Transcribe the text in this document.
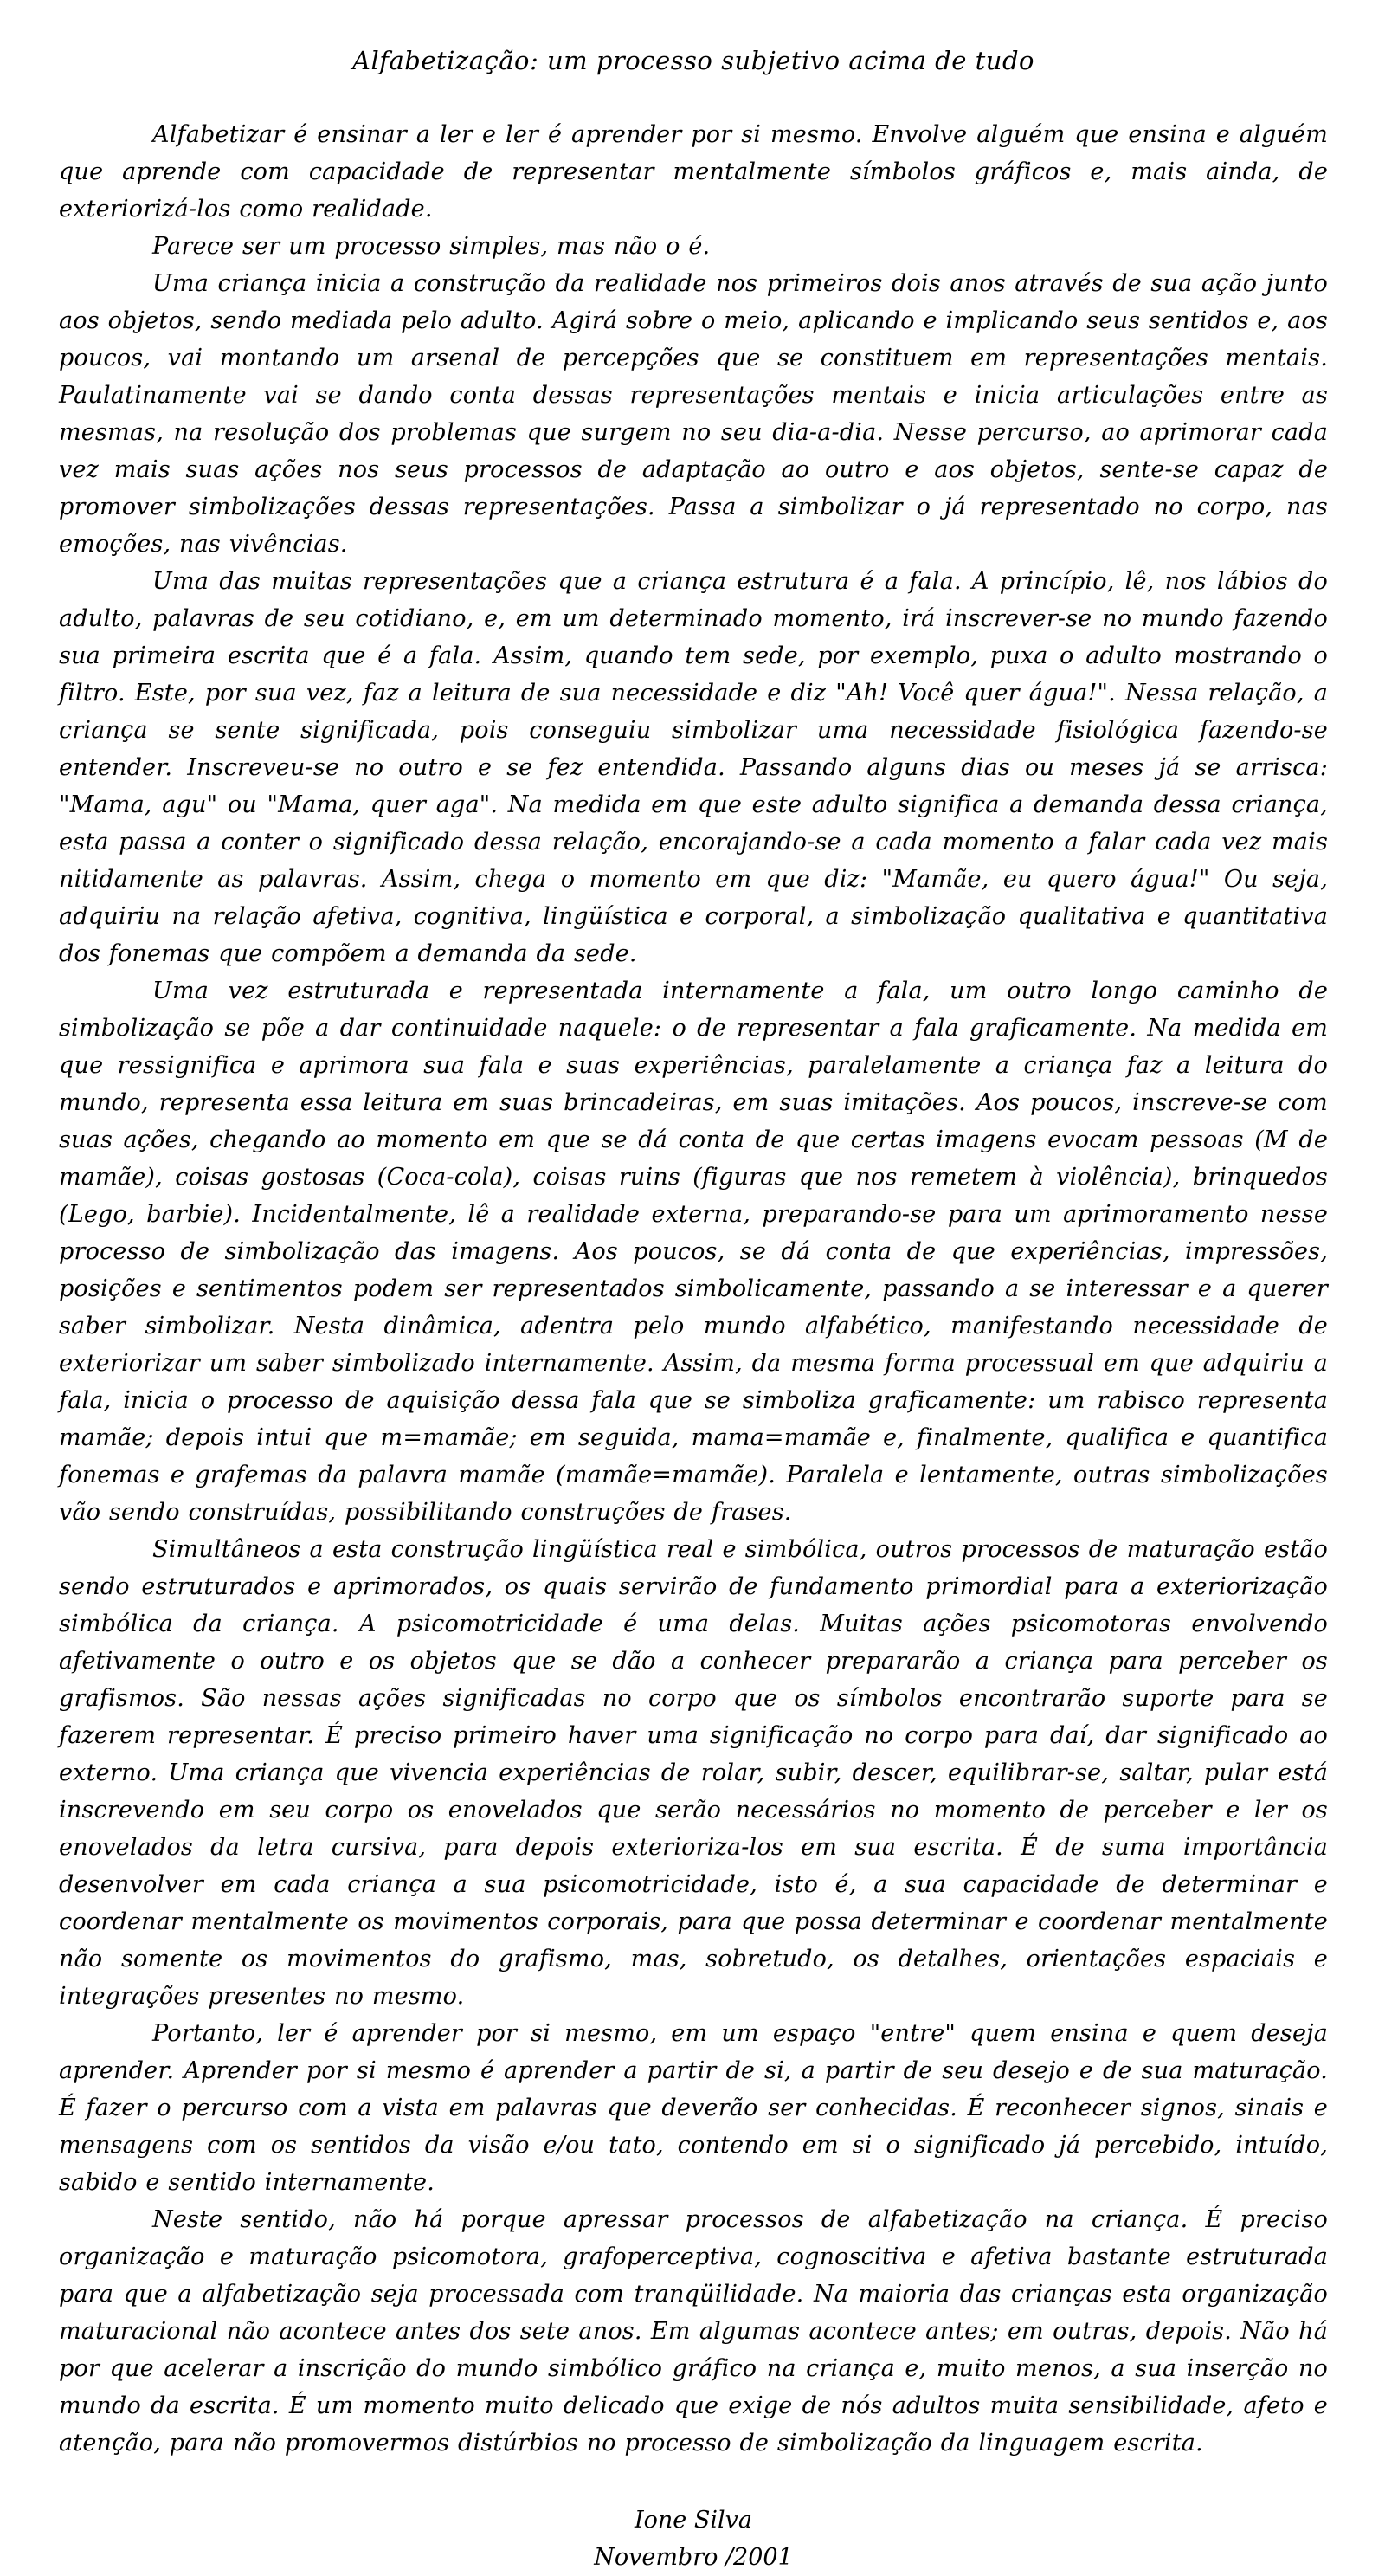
Alfabetização: um processo subjetivo acima de tudo

Alfabetizar é ensinar a ler e ler é aprender por si mesmo. Envolve alguém que ensina e alguém que aprende com capacidade de representar mentalmente símbolos gráficos e, mais ainda, de exteriorizá-los como realidade.

Parece ser um processo simples, mas não o é.

Uma criança inicia a construção da realidade nos primeiros dois anos através de sua ação junto aos objetos, sendo mediada pelo adulto. Agirá sobre o meio, aplicando e implicando seus sentidos e, aos poucos, vai montando um arsenal de percepções que se constituem em representações mentais. Paulatinamente vai se dando conta dessas representações mentais e inicia articulações entre as mesmas, na resolução dos problemas que surgem no seu dia-a-dia. Nesse percurso, ao aprimorar cada vez mais suas ações nos seus processos de adaptação ao outro e aos objetos, sente-se capaz de promover simbolizações dessas representações. Passa a simbolizar o já representado no corpo, nas emoções, nas vivências.

Uma das muitas representações que a criança estrutura é a fala. A princípio, lê, nos lábios do adulto, palavras de seu cotidiano, e, em um determinado momento, irá inscrever-se no mundo fazendo sua primeira escrita que é a fala. Assim, quando tem sede, por exemplo, puxa o adulto mostrando o filtro. Este, por sua vez, faz a leitura de sua necessidade e diz "Ah! Você quer água!". Nessa relação, a criança se sente significada, pois conseguiu simbolizar uma necessidade fisiológica fazendo-se entender. Inscreveu-se no outro e se fez entendida. Passando alguns dias ou meses já se arrisca: "Mama, agu" ou "Mama, quer aga". Na medida em que este adulto significa a demanda dessa criança, esta passa a conter o significado dessa relação, encorajando-se a cada momento a falar cada vez mais nitidamente as palavras. Assim, chega o momento em que diz: "Mamãe, eu quero água!" Ou seja, adquiriu na relação afetiva, cognitiva, lingüística e corporal, a simbolização qualitativa e quantitativa dos fonemas que compõem a demanda da sede.

Uma vez estruturada e representada internamente a fala, um outro longo caminho de simbolização se põe a dar continuidade naquele: o de representar a fala graficamente. Na medida em que ressignifica e aprimora sua fala e suas experiências, paralelamente a criança faz a leitura do mundo, representa essa leitura em suas brincadeiras, em suas imitações. Aos poucos, inscreve-se com suas ações, chegando ao momento em que se dá conta de que certas imagens evocam pessoas (M de mamãe), coisas gostosas (Coca-cola), coisas ruins (figuras que nos remetem à violência), brinquedos (Lego, barbie). Incidentalmente, lê a realidade externa, preparando-se para um aprimoramento nesse processo de simbolização das imagens. Aos poucos, se dá conta de que experiências, impressões, posições e sentimentos podem ser representados simbolicamente, passando a se interessar e a querer saber simbolizar. Nesta dinâmica, adentra pelo mundo alfabético, manifestando necessidade de exteriorizar um saber simbolizado internamente. Assim, da mesma forma processual em que adquiriu a fala, inicia o processo de aquisição dessa fala que se simboliza graficamente: um rabisco representa mamãe; depois intui que m=mamãe; em seguida, mama=mamãe e, finalmente, qualifica e quantifica fonemas e grafemas da palavra mamãe (mamãe=mamãe). Paralela e lentamente, outras simbolizações vão sendo construídas, possibilitando construções de frases.

Simultâneos a esta construção lingüística real e simbólica, outros processos de maturação estão sendo estruturados e aprimorados, os quais servirão de fundamento primordial para a exteriorização simbólica da criança. A psicomotricidade é uma delas. Muitas ações psicomotoras envolvendo afetivamente o outro e os objetos que se dão a conhecer prepararão a criança para perceber os grafismos. São nessas ações significadas no corpo que os símbolos encontrarão suporte para se fazerem representar. É preciso primeiro haver uma significação no corpo para daí, dar significado ao externo. Uma criança que vivencia experiências de rolar, subir, descer, equilibrar-se, saltar, pular está inscrevendo em seu corpo os enovelados que serão necessários no momento de perceber e ler os enovelados da letra cursiva, para depois exterioriza-los em sua escrita. É de suma importância desenvolver em cada criança a sua psicomotricidade, isto é, a sua capacidade de determinar e coordenar mentalmente os movimentos corporais, para que possa determinar e coordenar mentalmente não somente os movimentos do grafismo, mas, sobretudo, os detalhes, orientações espaciais e integrações presentes no mesmo.

Portanto, ler é aprender por si mesmo, em um espaço "entre" quem ensina e quem deseja aprender. Aprender por si mesmo é aprender a partir de si, a partir de seu desejo e de sua maturação. É fazer o percurso com a vista em palavras que deverão ser conhecidas. É reconhecer signos, sinais e mensagens com os sentidos da visão e/ou tato, contendo em si o significado já percebido, intuído, sabido e sentido internamente.

Neste sentido, não há porque apressar processos de alfabetização na criança. É preciso organização e maturação psicomotora, grafoperceptiva, cognoscitiva e afetiva bastante estruturada para que a alfabetização seja processada com tranqüilidade. Na maioria das crianças esta organização maturacional não acontece antes dos sete anos. Em algumas acontece antes; em outras, depois. Não há por que acelerar a inscrição do mundo simbólico gráfico na criança e, muito menos, a sua inserção no mundo da escrita. É um momento muito delicado que exige de nós adultos muita sensibilidade, afeto e atenção, para não promovermos distúrbios no processo de simbolização da linguagem escrita.

Ione Silva
Novembro /2001
